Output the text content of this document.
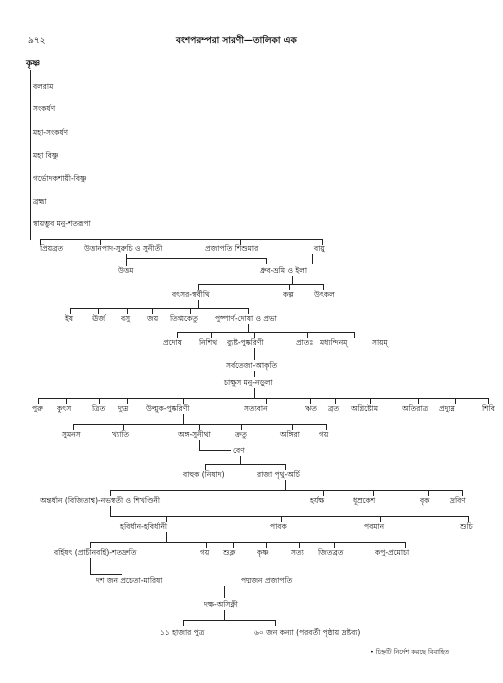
৯৭২	বংশপরম্পরা সারণী—তালিকা এক
কৃষ্ণ
বলরাম
সংকর্ষণ
মহা-সংকর্ষণ
মহা বিষ্ণু
গর্ভোদকশায়ী-বিষ্ণু
ব্রহ্মা
স্বায়ম্ভুব মনু-শতরূপা
প্রিয়ব্রত	উত্তানপাদ-সুরুচি ও সুনীতী	প্রজাপতি শিশুমার	বায়ু
উত্তম	ধ্রুব-ভ্রমি ও ইলা
বৎসর-স্বর্বীথি	কল্প	উৎকল
ইষ	ঊর্জ বসু জয় তিগ্মকেতু পুষ্পার্ণ-দোষা ও প্রভা
প্রদোষ নিশিথ ব্যুষ্ট-পুষ্করিণী	প্রাতঃ মধ্যন্দিনম্‌	সায়ম্‌
সর্বতেজা-আকৃতি
চাক্ষুস মনু-নড়ুলা
পুরু কুৎস	ত্রিত দ্যুম্ন উল্মুক-পুষ্করিণী	সত্যবান	ঋত ব্রত অগ্নিষ্টোম	অতিরাত্র প্রদ্যুম্ন	শিবি
সুমনস	খ্যাতি	অঙ্গ-সুনীথা	ক্রতু	অঙ্গিরা	গয়
বেণ
বাহুক (নিষাদ)	রাজা পৃথু-অর্চি
অন্তর্ধান (বিজিতাশ্ব)-নভস্বতী ও শিখণ্ডিনী	হর্যক্ষ	ধূম্রকেশ	বৃক	দ্রবিণ
হবির্ধান-হবির্ধানী	পাবক	পবমান	শুচি
বর্হিষৎ (প্রাচীনবর্হি)-শতদ্রুতি	গয় শুক্ল	কৃষ্ণ	সত্য জিতব্রত	কপু-প্রমোচা
দশ জন প্রচেতা-মারিষা	পদ্মজন প্রজাপতি
দক্ষ-অসিক্নী
১১ হাজার পুত্র	৬০ জন কন্যা (পরবর্তী পৃষ্ঠায় দ্রষ্টব্য)
• চিহ্নটি নির্দেশ করছে বিবাহিত
